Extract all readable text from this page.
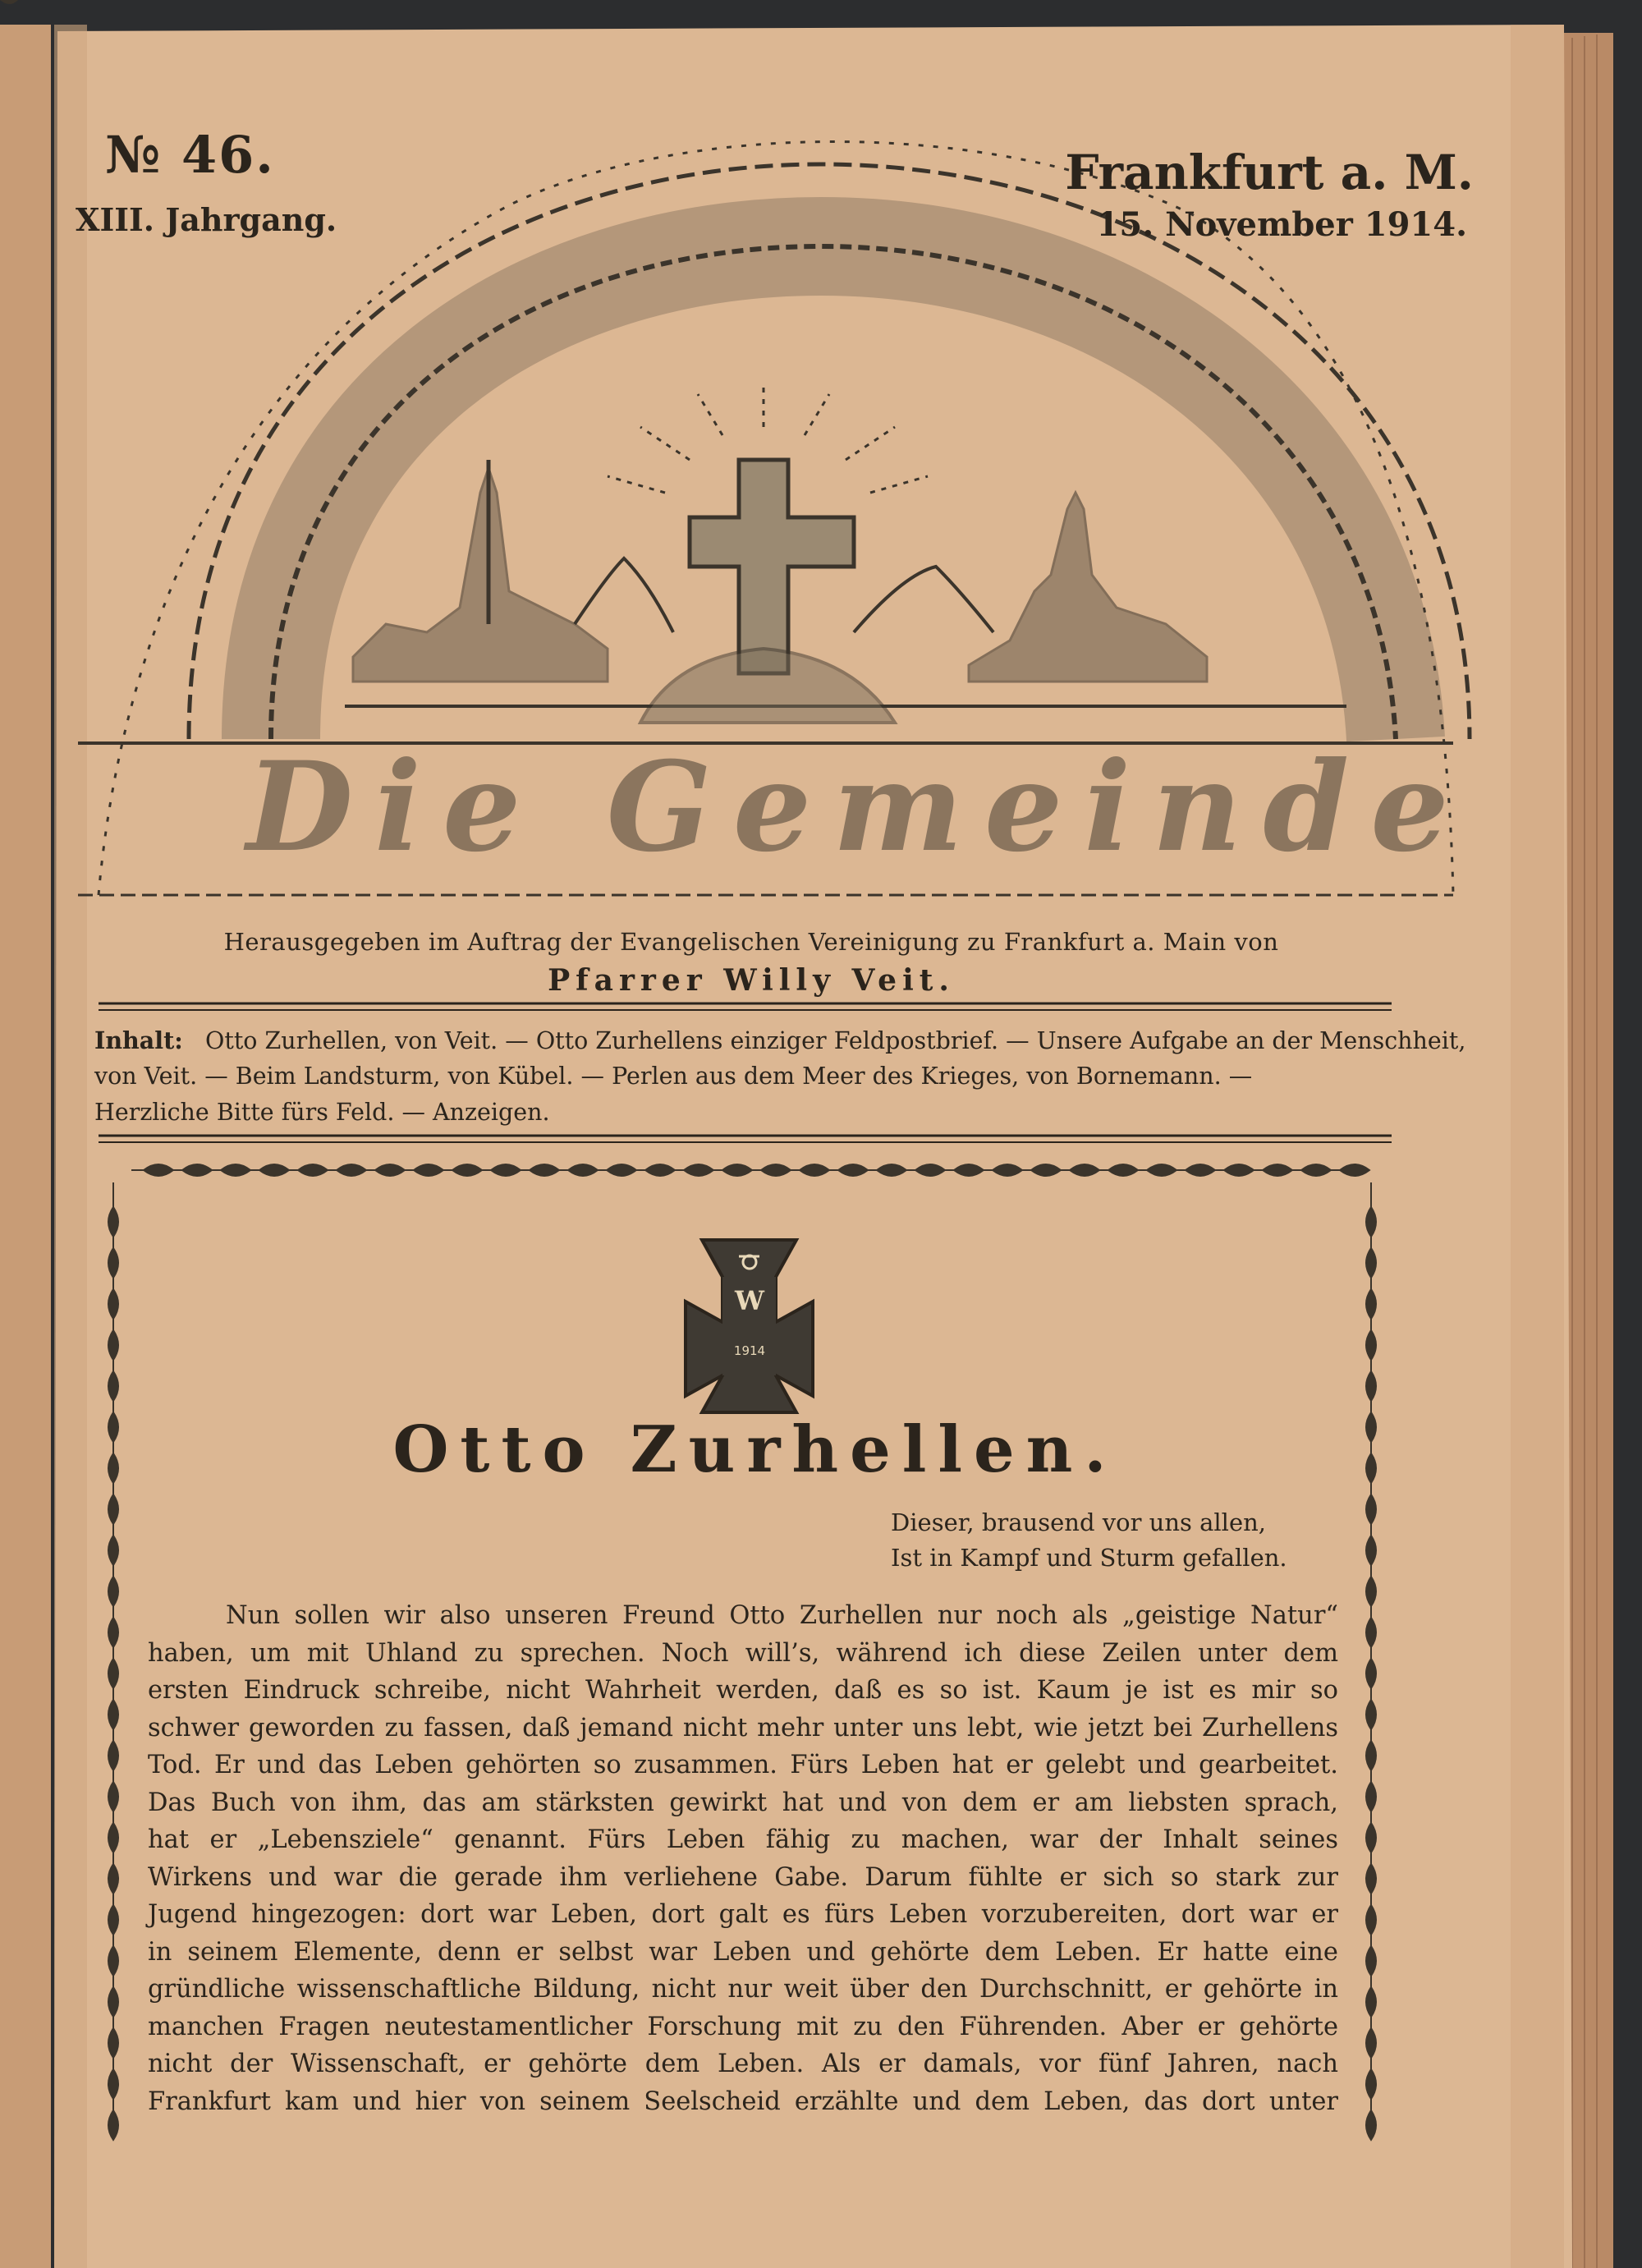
№ 46.
XIII. Jahrgang.
Frankfurt a. M.
15. November 1914.
Die Gemeinde
Herausgegeben im Auftrag der Evangelischen Vereinigung zu Frankfurt a. Main von
Pfarrer Willy Veit.
Inhalt: Otto Zurhellen, von Veit. — Otto Zurhellens einziger Feldpostbrief. — Unsere Aufgabe an der Menschheit,
von Veit. — Beim Landsturm, von Kübel. — Perlen aus dem Meer des Krieges, von Bornemann. —
Herzliche Bitte fürs Feld. — Anzeigen.
W
1914
Otto Zurhellen.
Dieser, brausend vor uns allen,
Ist in Kampf und Sturm gefallen.
Nun sollen wir also unseren Freund Otto Zurhellen nur noch als „geistige Natur“
haben, um mit Uhland zu sprechen. Noch will’s, während ich diese Zeilen unter dem
ersten Eindruck schreibe, nicht Wahrheit werden, daß es so ist. Kaum je ist es mir so
schwer geworden zu fassen, daß jemand nicht mehr unter uns lebt, wie jetzt bei Zurhellens
Tod. Er und das Leben gehörten so zusammen. Fürs Leben hat er gelebt und gearbeitet.
Das Buch von ihm, das am stärksten gewirkt hat und von dem er am liebsten sprach,
hat er „Lebensziele“ genannt. Fürs Leben fähig zu machen, war der Inhalt seines
Wirkens und war die gerade ihm verliehene Gabe. Darum fühlte er sich so stark zur
Jugend hingezogen: dort war Leben, dort galt es fürs Leben vorzubereiten, dort war er
in seinem Elemente, denn er selbst war Leben und gehörte dem Leben. Er hatte eine
gründliche wissenschaftliche Bildung, nicht nur weit über den Durchschnitt, er gehörte in
manchen Fragen neutestamentlicher Forschung mit zu den Führenden. Aber er gehörte
nicht der Wissenschaft, er gehörte dem Leben. Als er damals, vor fünf Jahren, nach
Frankfurt kam und hier von seinem Seelscheid erzählte und dem Leben, das dort unter
